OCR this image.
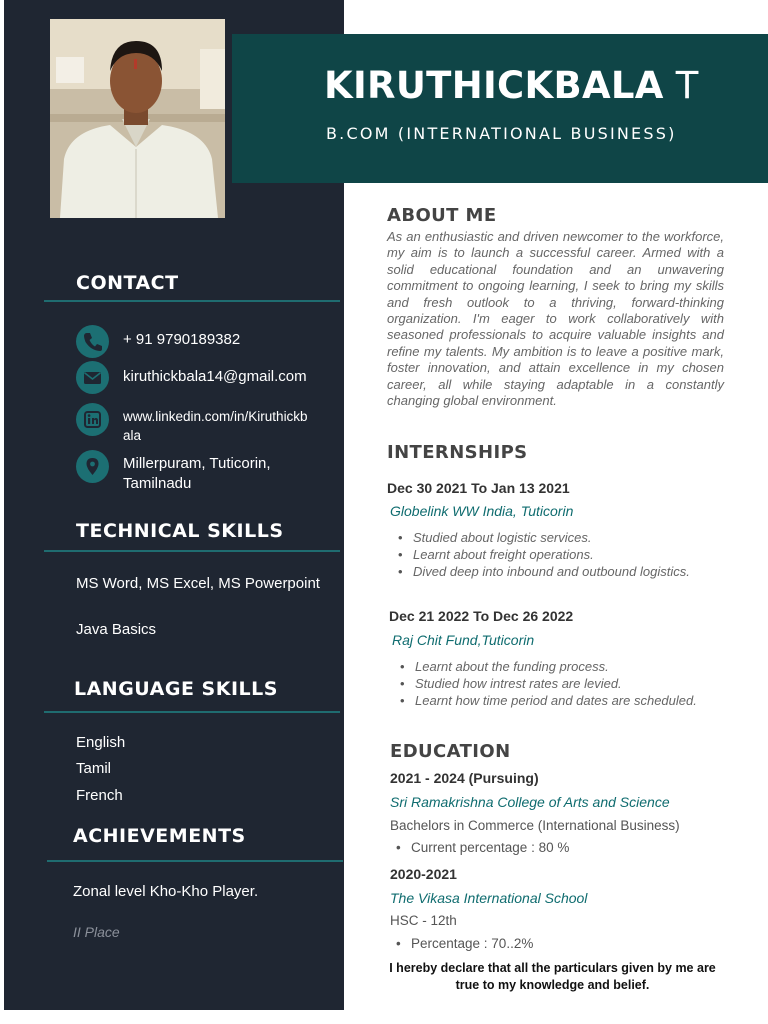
CONTACT
+ 91 9790189382
kiruthickbala14@gmail.com
www.linkedin.com/in/Kiruthickb
ala
Millerpuram, Tuticorin,
Tamilnadu
TECHNICAL SKILLS
MS Word, MS Excel, MS Powerpoint
Java Basics
LANGUAGE SKILLS
English
Tamil
French
ACHIEVEMENTS
Zonal level Kho-Kho Player.
II Place
KIRUTHICKBALA T
B.COM (INTERNATIONAL BUSINESS)
ABOUT ME
As an enthusiastic and driven newcomer to the workforce, my aim is to launch a successful career. Armed with a solid educational foundation and an unwavering commitment to ongoing learning, I seek to bring my skills and fresh outlook to a thriving, forward-thinking organization. I'm eager to work collaboratively with seasoned professionals to acquire valuable insights and refine my talents. My ambition is to leave a positive mark, foster innovation, and attain excellence in my chosen career, all while staying adaptable in a constantly changing global environment.
INTERNSHIPS
Dec 30 2021 To Jan 13 2021
Globelink WW India, Tuticorin
• Studied about logistic services.
• Learnt about freight operations.
• Dived deep into inbound and outbound logistics.
Dec 21 2022 To Dec 26 2022
Raj Chit Fund,Tuticorin
• Learnt about the funding process.
• Studied how intrest rates are levied.
• Learnt how time period and dates are scheduled.
EDUCATION
2021 - 2024 (Pursuing)
Sri Ramakrishna College of Arts and Science
Bachelors in Commerce (International Business)
• Current percentage : 80 %
2020-2021
The Vikasa International School
HSC - 12th
• Percentage : 70..2%
I hereby declare that all the particulars given by me are
true to my knowledge and belief.
